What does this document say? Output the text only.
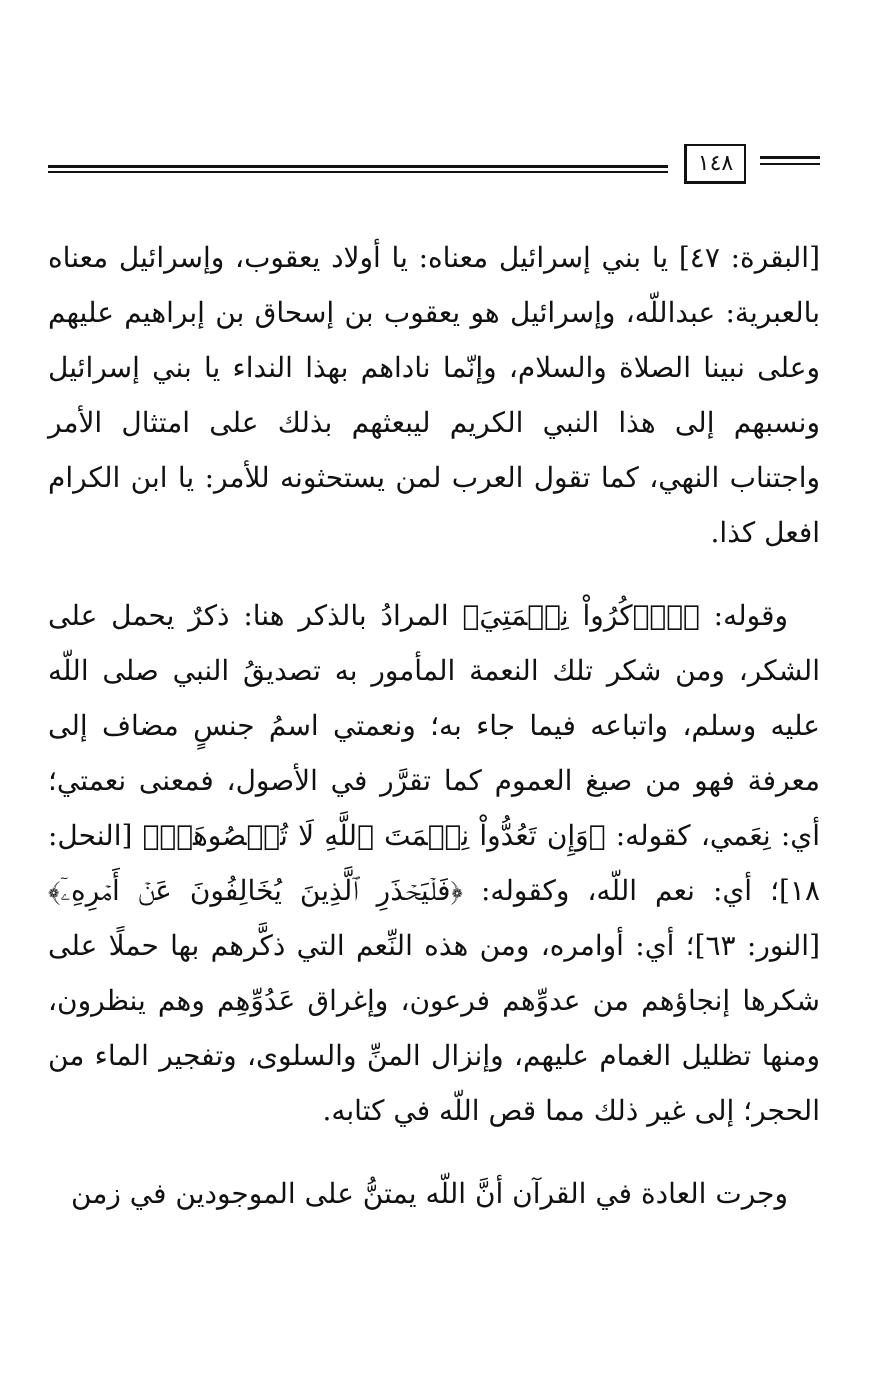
١٤٨

[البقرة: ٤٧] يا بني إسرائيل معناه: يا أولاد يعقوب، وإسرائيل معناه بالعبرية: عبداللّه، وإسرائيل هو يعقوب بن إسحاق بن إبراهيم عليهم وعلى نبينا الصلاة والسلام، وإنّما ناداهم بهذا النداء يا بني إسرائيل ونسبهم إلى هذا النبي الكريم ليبعثهم بذلك على امتثال الأمر واجتناب النهي، كما تقول العرب لمن يستحثونه للأمر: يا ابن الكرام افعل كذا.

وقوله: ﴿ٱذۡكُرُواْ نِعۡمَتِيَ﴾ المرادُ بالذكر هنا: ذكرٌ يحمل على الشكر، ومن شكر تلك النعمة المأمور به تصديقُ النبي صلى اللّه عليه وسلم، واتباعه فيما جاء به؛ ونعمتي اسمُ جنسٍ مضاف إلى معرفة فهو من صيغ العموم كما تقرَّر في الأصول، فمعنى نعمتي؛ أي: نِعَمي، كقوله: ﴿وَإِن تَعُدُّواْ نِعۡمَتَ ٱللَّهِ لَا تُحۡصُوهَآۗ﴾ [النحل: ١٨]؛ أي: نعم اللّه، وكقوله: ﴿فَلۡيَحۡذَرِ ٱلَّذِينَ يُخَالِفُونَ عَنۡ أَمۡرِهِۦٓ﴾ [النور: ٦٣]؛ أي: أوامره، ومن هذه النِّعم التي ذكَّرهم بها حملًا على شكرها إنجاؤهم من عدوِّهم فرعون، وإغراق عَدُوِّهِم وهم ينظرون، ومنها تظليل الغمام عليهم، وإنزال المنِّ والسلوى، وتفجير الماء من الحجر؛ إلى غير ذلك مما قص اللّه في كتابه.

وجرت العادة في القرآن أنَّ اللّه يمتنُّ على الموجودين في زمن
